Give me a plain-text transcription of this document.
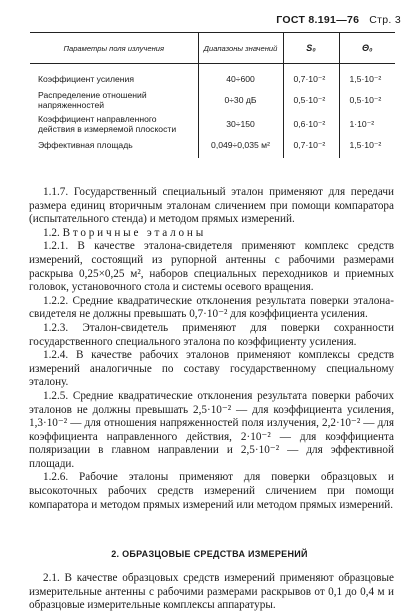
ГОСТ 8.191—76 Стр. 3
Параметры поля излучения	Диапазоны значений	S₀	Θ₀
Коэффициент усиления	40÷600	0,7·10⁻²	1,5·10⁻²
Распределение отношений напряженностей	0÷30 дБ	0,5·10⁻²	0,5·10⁻²
Коэффициент направленного действия в измеряемой плоскости	30÷150	0,6·10⁻²	1·10⁻²
Эффективная площадь	0,049÷0,035 м²	0,7·10⁻²	1,5·10⁻²

1.1.7. Государственный специальный эталон применяют для передачи размера единиц вторичным эталонам сличением при помощи компаратора (испытательного стенда) и методом прямых измерений.

1.2. Вторичные эталоны

1.2.1. В качестве эталона-свидетеля применяют комплекс средств измерений, состоящий из рупорной антенны с рабочими размерами раскрыва 0,25×0,25 м², наборов специальных переходников и приемных головок, установочного стола и системы осевого вращения.

1.2.2. Средние квадратические отклонения результата поверки эталона-свидетеля не должны превышать 0,7·10⁻² для коэффициента усиления.

1.2.3. Эталон-свидетель применяют для поверки сохранности государственного специального эталона по коэффициенту усиления.

1.2.4. В качестве рабочих эталонов применяют комплексы средств измерений аналогичные по составу государственному специальному эталону.

1.2.5. Средние квадратические отклонения результата поверки рабочих эталонов не должны превышать 2,5·10⁻² — для коэффициента усиления, 1,3·10⁻² — для отношения напряженностей поля излучения, 2,2·10⁻² — для коэффициента направленного действия, 2·10⁻² — для коэффициента поляризации в главном направлении и 2,5·10⁻² — для эффективной площади.

1.2.6. Рабочие эталоны применяют для поверки образцовых и высокоточных рабочих средств измерений сличением при помощи компаратора и методом прямых измерений или методом прямых измерений.

2. ОБРАЗЦОВЫЕ СРЕДСТВА ИЗМЕРЕНИЙ

2.1. В качестве образцовых средств измерений применяют образцовые измерительные антенны с рабочими размерами раскрывов от 0,1 до 0,4 м и образцовые измерительные комплексы аппаратуры.
